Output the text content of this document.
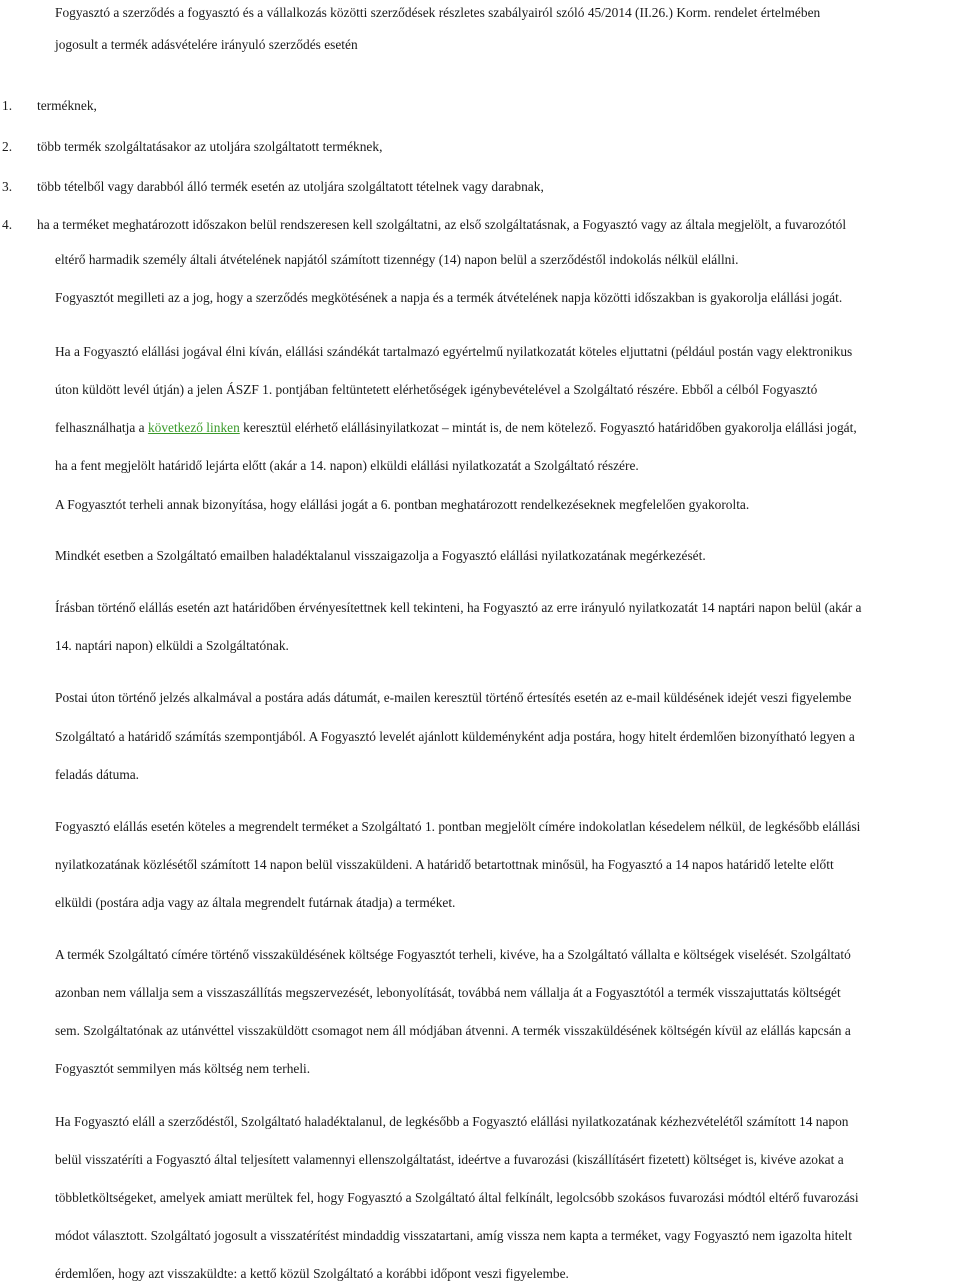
Fogyasztó a szerződés a fogyasztó és a vállalkozás közötti szerződések részletes szabályairól szóló 45/2014 (II.26.) Korm. rendelet értelmében
jogosult a termék adásvételére irányuló szerződés esetén
1. terméknek,
2. több termék szolgáltatásakor az utoljára szolgáltatott terméknek,
3. több tételből vagy darabból álló termék esetén az utoljára szolgáltatott tételnek vagy darabnak,
4. ha a terméket meghatározott időszakon belül rendszeresen kell szolgáltatni, az első szolgáltatásnak, a Fogyasztó vagy az általa megjelölt, a fuvarozótól
eltérő harmadik személy általi átvételének napjától számított tizennégy (14) napon belül a szerződéstől indokolás nélkül elállni.
Fogyasztót megilleti az a jog, hogy a szerződés megkötésének a napja és a termék átvételének napja közötti időszakban is gyakorolja elállási jogát.
Ha a Fogyasztó elállási jogával élni kíván, elállási szándékát tartalmazó egyértelmű nyilatkozatát köteles eljuttatni (például postán vagy elektronikus
úton küldött levél útján) a jelen ÁSZF 1. pontjában feltüntetett elérhetőségek igénybevételével a Szolgáltató részére. Ebből a célból Fogyasztó
felhasználhatja a következő linken keresztül elérhető elállásinyilatkozat – mintát is, de nem kötelező. Fogyasztó határidőben gyakorolja elállási jogát,
ha a fent megjelölt határidő lejárta előtt (akár a 14. napon) elküldi elállási nyilatkozatát a Szolgáltató részére.
A Fogyasztót terheli annak bizonyítása, hogy elállási jogát a 6. pontban meghatározott rendelkezéseknek megfelelően gyakorolta.
Mindkét esetben a Szolgáltató emailben haladéktalanul visszaigazolja a Fogyasztó elállási nyilatkozatának megérkezését.
Írásban történő elállás esetén azt határidőben érvényesítettnek kell tekinteni, ha Fogyasztó az erre irányuló nyilatkozatát 14 naptári napon belül (akár a
14. naptári napon) elküldi a Szolgáltatónak.
Postai úton történő jelzés alkalmával a postára adás dátumát, e-mailen keresztül történő értesítés esetén az e-mail küldésének idejét veszi figyelembe
Szolgáltató a határidő számítás szempontjából. A Fogyasztó levelét ajánlott küldeményként adja postára, hogy hitelt érdemlően bizonyítható legyen a
feladás dátuma.
Fogyasztó elállás esetén köteles a megrendelt terméket a Szolgáltató 1. pontban megjelölt címére indokolatlan késedelem nélkül, de legkésőbb elállási
nyilatkozatának közlésétől számított 14 napon belül visszaküldeni. A határidő betartottnak minősül, ha Fogyasztó a 14 napos határidő letelte előtt
elküldi (postára adja vagy az általa megrendelt futárnak átadja) a terméket.
A termék Szolgáltató címére történő visszaküldésének költsége Fogyasztót terheli, kivéve, ha a Szolgáltató vállalta e költségek viselését. Szolgáltató
azonban nem vállalja sem a visszaszállítás megszervezését, lebonyolítását, továbbá nem vállalja át a Fogyasztótól a termék visszajuttatás költségét
sem. Szolgáltatónak az utánvéttel visszaküldött csomagot nem áll módjában átvenni. A termék visszaküldésének költségén kívül az elállás kapcsán a
Fogyasztót semmilyen más költség nem terheli.
Ha Fogyasztó eláll a szerződéstől, Szolgáltató haladéktalanul, de legkésőbb a Fogyasztó elállási nyilatkozatának kézhezvételétől számított 14 napon
belül visszatéríti a Fogyasztó által teljesített valamennyi ellenszolgáltatást, ideértve a fuvarozási (kiszállításért fizetett) költséget is, kivéve azokat a
többletköltségeket, amelyek amiatt merültek fel, hogy Fogyasztó a Szolgáltató által felkínált, legolcsóbb szokásos fuvarozási módtól eltérő fuvarozási
módot választott. Szolgáltató jogosult a visszatérítést mindaddig visszatartani, amíg vissza nem kapta a terméket, vagy Fogyasztó nem igazolta hitelt
érdemlően, hogy azt visszaküldte: a kettő közül Szolgáltató a korábbi időpont veszi figyelembe.
